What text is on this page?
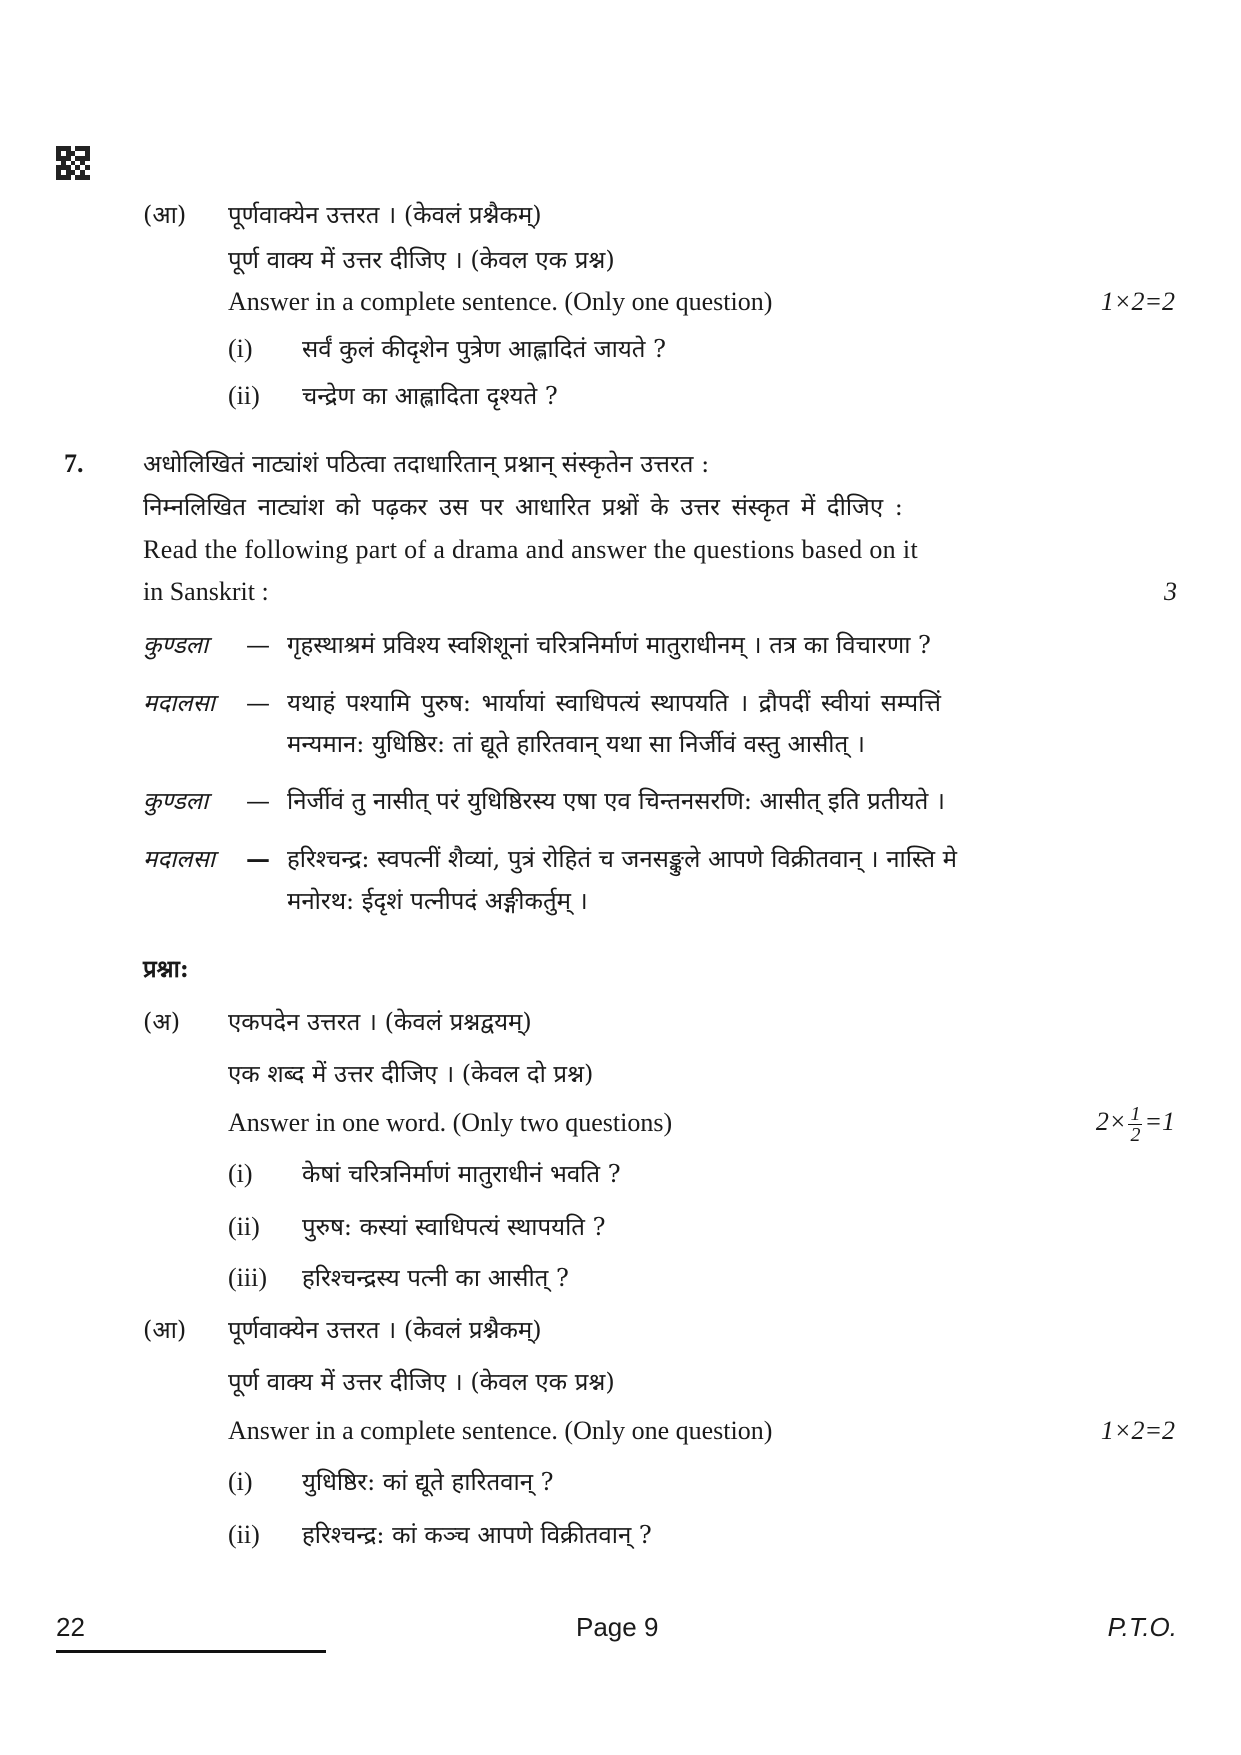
(आ) पूर्णवाक्येन उत्तरत । (केवलं प्रश्नैकम्)
पूर्ण वाक्य में उत्तर दीजिए । (केवल एक प्रश्न)
Answer in a complete sentence. (Only one question)	1×2=2
(i) सर्वं कुलं कीदृशेन पुत्रेण आह्लादितं जायते ?
(ii) चन्द्रेण का आह्लादिता दृश्यते ?
7. अधोलिखितं नाट्यांशं पठित्वा तदाधारितान् प्रश्नान् संस्कृतेन उत्तरत :
निम्नलिखित नाट्यांश को पढ़कर उस पर आधारित प्रश्नों के उत्तर संस्कृत में दीजिए :
Read the following part of a drama and answer the questions based on it
in Sanskrit :	3
कुण्डला — गृहस्थाश्रमं प्रविश्य स्वशिशूनां चरित्रनिर्माणं मातुराधीनम् । तत्र का विचारणा ?
मदालसा — यथाहं पश्यामि पुरुष: भार्यायां स्वाधिपत्यं स्थापयति । द्रौपदीं स्वीयां सम्पत्तिं
मन्यमान: युधिष्ठिर: तां द्यूते हारितवान् यथा सा निर्जीवं वस्तु आसीत् ।
कुण्डला — निर्जीवं तु नासीत् परं युधिष्ठिरस्य एषा एव चिन्तनसरणि: आसीत् इति प्रतीयते ।
मदालसा — हरिश्चन्द्र: स्वपत्नीं शैव्यां, पुत्रं रोहितं च जनसङ्कुले आपणे विक्रीतवान् । नास्ति मे
मनोरथ: ईदृशं पत्नीपदं अङ्गीकर्तुम् ।
प्रश्ना:
(अ) एकपदेन उत्तरत । (केवलं प्रश्नद्वयम्)
एक शब्द में उत्तर दीजिए । (केवल दो प्रश्न)
Answer in one word. (Only two questions)	$2\times \frac{1}{2} =1$
(i) केषां चरित्रनिर्माणं मातुराधीनं भवति ?
(ii) पुरुष: कस्यां स्वाधिपत्यं स्थापयति ?
(iii) हरिश्चन्द्रस्य पत्नी का आसीत् ?
(आ) पूर्णवाक्येन उत्तरत । (केवलं प्रश्नैकम्)
पूर्ण वाक्य में उत्तर दीजिए । (केवल एक प्रश्न)
Answer in a complete sentence. (Only one question)	1×2=2
(i) युधिष्ठिर: कां द्यूते हारितवान् ?
(ii) हरिश्चन्द्र: कां कञ्च आपणे विक्रीतवान् ?
22	Page 9	P.T.O.
